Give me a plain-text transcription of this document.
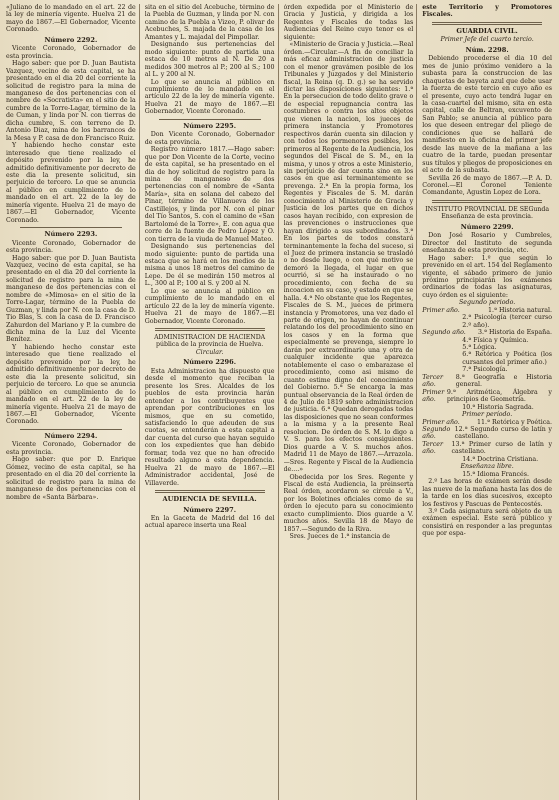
«Juliano de lo mandado en el art. 22 de la ley de minería vigente. Huelva 21 de mayo de 1867.—El Gobernador, Vicente Coronado.

Número 2292.

Vicente Coronado, Gobernador de esta provincia.

Hago saber: que por D. Juan Bautista Vazquez, vecino de esta capital, se ha presentado en el dia 20 del corriente la solicitud de registro para la mina de manganeso de dos pertenencias con el nombre de «Socratista» en el sitio de la cumbre de la Torre-Lagar, término de la de Cuman, y linda por N. con tierras de dicha cumbre, S. con terreno de D. Antonio Diaz, mina de los barrancos de la Mesa y P. casa de don Francisco Ruiz.

Y habiendo hecho constar este interesado que tiene realizado el depósito prevenido por la ley, he admitido definitivamente por decreto de este dia la presente solicitud, sin perjuicio de tercero. Lo que se anuncia al público en cumplimiento de lo mandado en el art. 22 de la ley de minería vigente. Huelva 21 de mayo de 1867.—El Gobernador, Vicente Coronado.

Número 2293.

Vicente Coronado, Gobernador de esta provincia.

Hago saber: que por D. Juan Bautista Vazquez, vecino de esta capital, se ha presentado en el dia 20 del corriente la solicitud de registro para la mina de manganeso de dos pertenencias con el nombre de «Mimosa» en el sitio de la Torre-Lagar, término de la Puebla de Guzman, y linda por N. con la casa de D. Tio Blas, S. con la casa de D. Francisco Zahurdon del Mariano y P. la cumbre de dicha mina de la Luz del Vicente Benítez.

Y habiendo hecho constar este interesado que tiene realizado el depósito prevenido por la ley, he admitido definitivamente por decreto de este dia la presente solicitud, sin perjuicio de tercero. Lo que se anuncia al público en cumplimiento de lo mandado en el art. 22 de la ley de minería vigente. Huelva 21 de mayo de 1867.—El Gobernador, Vicente Coronado.

Número 2294.

Vicente Coronado, Gobernador de esta provincia.

Hago saber: que por D. Enrique Gómez, vecino de esta capital, se ha presentado en el dia 20 del corriente la solicitud de registro para la mina de manganeso de dos pertenencias con el nombre de «Santa Bárbara».

sita en el sitio del Acebuche, término de la Puebla de Guzman, y linda por N. con camino de la Puebla a Vizeo, P. olivar de Acebuches, S. majada de la casa de los Amantes y L. majadal del Pimpollar.

Designando sus pertenencias del modo siguiente: punto de partida una estaca de 10 metros al N. De 20 a medidos 300 metros al P.; 200 al S.; 100 al L. y 200 al N.

Lo que se anuncia al público en cumplimiento de lo mandado en el artículo 22 de la ley de minería vigente. Huelva 21 de mayo de 1867.—El Gobernador, Vicente Coronado.

Número 2295.

Don Vicente Coronado, Gobernador de esta provincia.

Registro número 1817.—Hago saber: que por Don Vicente de la Corte, vecino de esta capital, se ha presentado en el dia de hoy solicitud de registro para la mina de manganeso de dos pertenencias con el nombre de «Santa María», sita en solana del cabezo del Pinar, término de Villanueva de los Castillejos, y linda por N. con el pinar del Tío Santos, S. con el camino de «San Bartolomé de la Torre», E. con agua que corre de la fuente de Pedro López y O. con tierra de la viuda de Manuel Mateo.

Designando sus pertenencias del modo siguiente: punto de partida una estaca que se hará en los medios de la misma a unos 18 metros del camino de Lepe. De él se medirán 150 metros al L., 300 al P.; 100 al S. y 200 al N.

Lo que se anuncia al público en cumplimiento de lo mandado en el artículo 22 de la ley de minería vigente. Huelva 21 de mayo de 1867.—El Gobernador, Vicente Coronado.

ADMINISTRACION DE HACIENDA pública de la provincia de Huelva.
Circular.
Número 2296.

Esta Administracion ha dispuesto que desde el momento que reciban la presente los Sres. Alcaldes de los pueblos de esta provincia harán entender a los contribuyentes que aprendan por contribuciones en los mismos, que en su cometido, satisfaciendo lo que adeuden de sus cuotas, se entenderán a esta capital a dar cuenta del curso que hayan seguido con los expedientes que han debido formar, toda vez que no han ofrecido resultado alguno a esta dependencia. Huelva 21 de mayo de 1867.—El Administrador accidental, José de Villaverde.

AUDIENCIA DE SEVILLA.
Número 2297.

En la Gaceta de Madrid del 16 del actual aparece inserta una Real

órden expedida por el Ministerio de Gracia y Justicia, y dirigida a los Regentes y Fiscales de todas las Audiencias del Reino cuyo tenor es el siguiente:

«Ministerio de Gracia y Justicia.—Real órden.—Circular.—A fin de conciliar la más eficaz administracion de justicia con el menor gravámen posible de los Tribunales y Juzgados y del Ministerio fiscal, la Reina (q. D. g.) se ha servido dictar las disposiciones siguientes: 1.ª En la persecucion de todo delito grave o de especial repugnancia contra las costumbres o contra los altos objetos que vienen la nacion, los jueces de primera instancia y Promotores respectivos darán cuenta sin dilacion y con todos los pormenores posibles, los primeros al Regente de la Audiencia, los segundos del Fiscal de S. M., en la misma, y unos y otros a este Ministerio, sin perjuicio de dar cuenta sino en los casos en que así terminantemente se prevenga. 2.ª En la propia forma, los Regentes y Fiscales de S. M. darán conocimiento al Ministerio de Gracia y Justicia de los partes que en dichos casos hayan recibido, con expresion de las prevenciones o instrucciones que hayan dirigido a sus subordinados. 3.ª En los partes de todos constará terminantemente la fecha del suceso, si el Juez de primera instancia se trasladó o no desde luego, o con qué motivo se demoró la llegada, el lugar en que ocurrió, si se ha instaurado o no procedimiento, con fecha de su incoacion en su caso, y estado en que se halla. 4.ª No obstante que los Regentes, Fiscales de S. M., jueces de primera instancia y Promotores, una vez dado el parte de origen, no hayan de continuar relatando los del procedimiento sino en los casos y en la forma que especialmente se prevenga, siempre lo darán por extraordinario una y otra de cualquier incidente que aparezca notablemente el caso o embarazase el procedimiento, como asi mismo de cuanto estime digno del conocimiento del Gobierno. 5.ª Se encarga la mas puntual observancia de la Real órden de 4 de Julio de 1819 sobre administracion de justicia. 6.ª Quedan derogadas todas las disposiciones que no sean conformes a la misma y a la presente Real resolucion. De órden de S. M. lo digo a V. S. para los efectos consiguientes. Dios guarde a V. S. muchos años. Madrid 11 de Mayo de 1867.—Arrazola.—Sres. Regente y Fiscal de la Audiencia de....»

Obedecida por los Sres. Regente y Fiscal de esta Audiencia, la preinserta Real órden, acordaron se circule a V., por los Boletines oficiales como de su órden lo ejecuto para su conocimiento exacto cumplimiento. Dios guarde a V. muchos años. Sevilla 18 de Mayo de 1857.—Segundo de la Riva.

Sres. Jueces de 1.ª instancia de

este Territorio y Promotores Fiscales.

GUARDIA CIVIL.
Primer Jefe del cuarto tercio.
Núm. 2298.

Debiendo procederse el dia 10 del mes de junio próximo venidero a la subasta para la construccion de las chaquetas de bayeta azul que debe usar la fuerza de este tercio en cuyo año es el presente, cuyo acto tendrá lugar en la casa-cuartel del mismo, sita en esta capital, calle de Beltran, excuvento de San Pablo; se anuncia al público para los que deseen entregar del pliego de condiciones que se hallará de manifiesto en la oficina del primer jefe desde las nueve de la mañana a las cuatro de la tarde, puedan presentar sus títulos y pliegos de proposiciones en el acto de la subasta.

Sevilla 26 de mayo de 1867.—P. A. D. Coronel.—El Coronel Teniente Comandante, Agustin Lopez de Lora.

INSTITUTO PROVINCIAL DE SEGunda Enseñanza de esta provincia.
Número 2299.

Don José Rosario y Cumbreles, Director del Instituto de segunda enseñanza de esta provincia, etc.

Hago saber: 1.º que según lo prevenido en el art. 154 del Reglamento vigente, el sábado primero de junio próximo principiarán los exámenes ordinarios de todas las asignaturas, cuyo órden es el siguiente:

Segundo periodo.
Primer año.	1.ª Historia natural.

2.ª Psicología (tercer curso 2.º año).

Segundo año. 3.ª Historia de España.

4.ª Física y Química.

5.ª Lógica.

6.ª Retórica y Poética (los cursantes del primer año.)

7.ª Psicología.

Tercer año.
8.ª Geografía e Historia general.
Primer año.
9.ª Aritmética, Álgebra y principios de Geometría.

10.ª Historia Sagrada.

Primer período.
Primer año.	11.ª Retórica y Poética.
Segundo año.
12.ª Segundo curso de latín y castellano.
Tercer año.
13.ª Primer curso de latín y castellano.

14.ª Doctrina Cristiana.

Enseñanza libre.

15.ª Idioma Francés.

2.º Las horas de exámen serán desde las nueve de la mañana hasta las dos de la tarde en los días sucesivos, excepto los festivos y Pascuas de Pentecostés.

3.º Cada asignatura será objeto de un exámen especial. Este será público y consistirá en responder a las preguntas que por espa-
